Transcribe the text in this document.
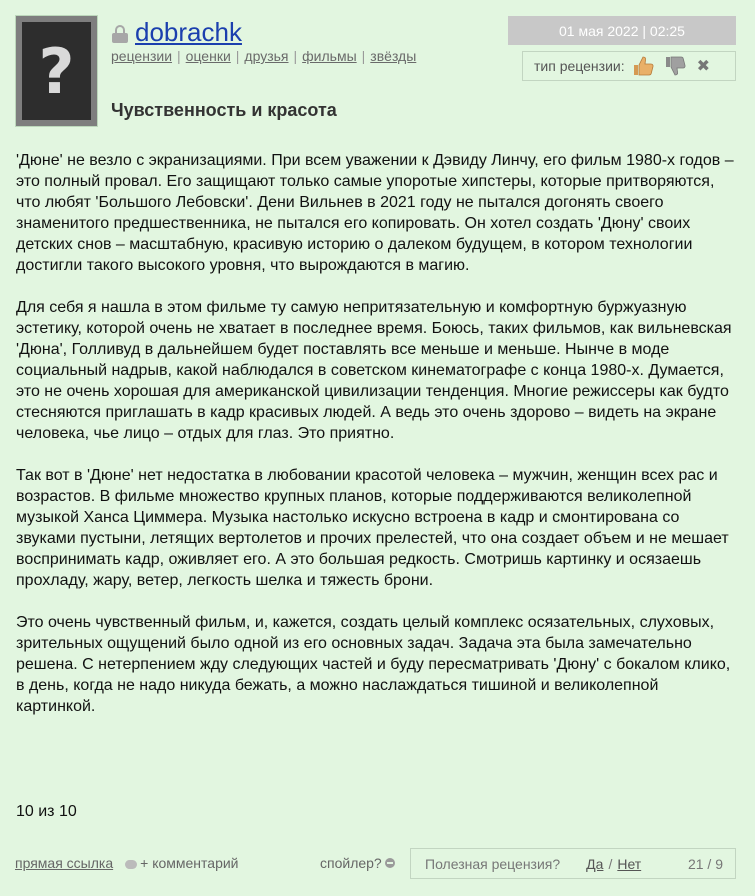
?
dobrachk
рецензии | оценки | друзья | фильмы | звёзды
01 мая 2022 | 02:25
тип рецензии:	✖
Чувственность и красота

'Дюне' не везло с экранизациями. При всем уважении к Дэвиду Линчу, его фильм 1980-х годов – это полный провал. Его защищают только самые упоротые хипстеры, которые притворяются, что любят 'Большого Лебовски'. Дени Вильнев в 2021 году не пытался догонять своего знаменитого предшественника, не пытался его копировать. Он хотел создать 'Дюну' своих детских снов – масштабную, красивую историю о далеком будущем, в котором технологии достигли такого высокого уровня, что вырождаются в магию.

Для себя я нашла в этом фильме ту самую непритязательную и комфортную буржуазную эстетику, которой очень не хватает в последнее время. Боюсь, таких фильмов, как вильневская 'Дюна', Голливуд в дальнейшем будет поставлять все меньше и меньше. Нынче в моде социальный надрыв, какой наблюдался в советском кинематографе с конца 1980-х. Думается, это не очень хорошая для американской цивилизации тенденция. Многие режиссеры как будто стесняются приглашать в кадр красивых людей. А ведь это очень здорово – видеть на экране человека, чье лицо – отдых для глаз. Это приятно.

Так вот в 'Дюне' нет недостатка в любовании красотой человека – мужчин, женщин всех рас и возрастов. В фильме множество крупных планов, которые поддерживаются великолепной музыкой Ханса Циммера. Музыка настолько искусно встроена в кадр и смонтирована со звуками пустыни, летящих вертолетов и прочих прелестей, что она создает объем и не мешает воспринимать кадр, оживляет его. А это большая редкость. Смотришь картинку и осязаешь прохладу, жару, ветер, легкость шелка и тяжесть брони.

Это очень чувственный фильм, и, кажется, создать целый комплекс осязательных, слуховых, зрительных ощущений было одной из его основных задач. Задача эта была замечательно решена. С нетерпением жду следующих частей и буду пересматривать 'Дюну' с бокалом клико, в день, когда не надо никуда бежать, а можно наслаждаться тишиной и великолепной картинкой.

10 из 10
прямая ссылка + комментарий	спойлер?	Полезная рецензия? Да / Нет	21 / 9
